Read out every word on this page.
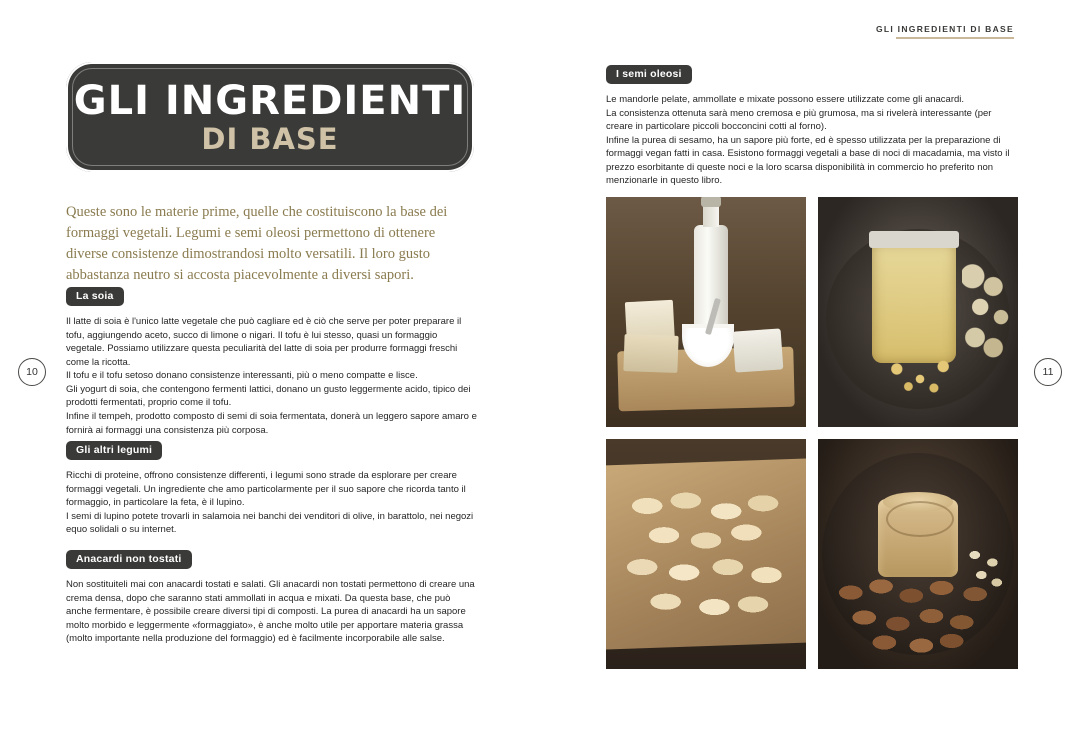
10
GLI INGREDIENTI
DI BASE
Queste sono le materie prime, quelle che costituiscono la base dei formaggi vegetali. Legumi e semi oleosi permettono di ottenere diverse consistenze dimostrandosi molto versatili. Il loro gusto abbastanza neutro si accosta piacevolmente a diversi sapori.
La soia

Il latte di soia è l'unico latte vegetale che può cagliare ed è ciò che serve per poter preparare il tofu, aggiungendo aceto, succo di limone o nigari. Il tofu è lui stesso, quasi un formaggio vegetale. Possiamo utilizzare questa peculiarità del latte di soia per produrre formaggi freschi come la ricotta.

Il tofu e il tofu setoso donano consistenze interessanti, più o meno compatte e lisce.

Gli yogurt di soia, che contengono fermenti lattici, donano un gusto leggermente acido, tipico dei prodotti fermentati, proprio come il tofu.

Infine il tempeh, prodotto composto di semi di soia fermentata, donerà un leggero sapore amaro e fornirà ai formaggi una consistenza più corposa.

Gli altri legumi

Ricchi di proteine, offrono consistenze differenti, i legumi sono strade da esplorare per creare formaggi vegetali. Un ingrediente che amo particolarmente per il suo sapore che ricorda tanto il formaggio, in particolare la feta, è il lupino.

I semi di lupino potete trovarli in salamoia nei banchi dei venditori di olive, in barattolo, nei negozi equo solidali o su internet.

Anacardi non tostati

Non sostituiteli mai con anacardi tostati e salati. Gli anacardi non tostati permettono di creare una crema densa, dopo che saranno stati ammollati in acqua e mixati. Da questa base, che può anche fermentare, è possibile creare diversi tipi di composti. La purea di anacardi ha un sapore molto morbido e leggermente «formaggiato», è anche molto utile per apportare materia grassa (molto importante nella produzione del formaggio) ed è facilmente incorporabile alle salse.

11
GLI INGREDIENTI DI BASE
I semi oleosi

Le mandorle pelate, ammollate e mixate possono essere utilizzate come gli anacardi.

La consistenza ottenuta sarà meno cremosa e più grumosa, ma si rivelerà interessante (per creare in particolare piccoli bocconcini cotti al forno).

Infine la purea di sesamo, ha un sapore più forte, ed è spesso utilizzata per la preparazione di formaggi vegan fatti in casa. Esistono formaggi vegetali a base di noci di macadamia, ma visto il prezzo esorbitante di queste noci e la loro scarsa disponibilità in commercio ho preferito non menzionarle in questo libro.
